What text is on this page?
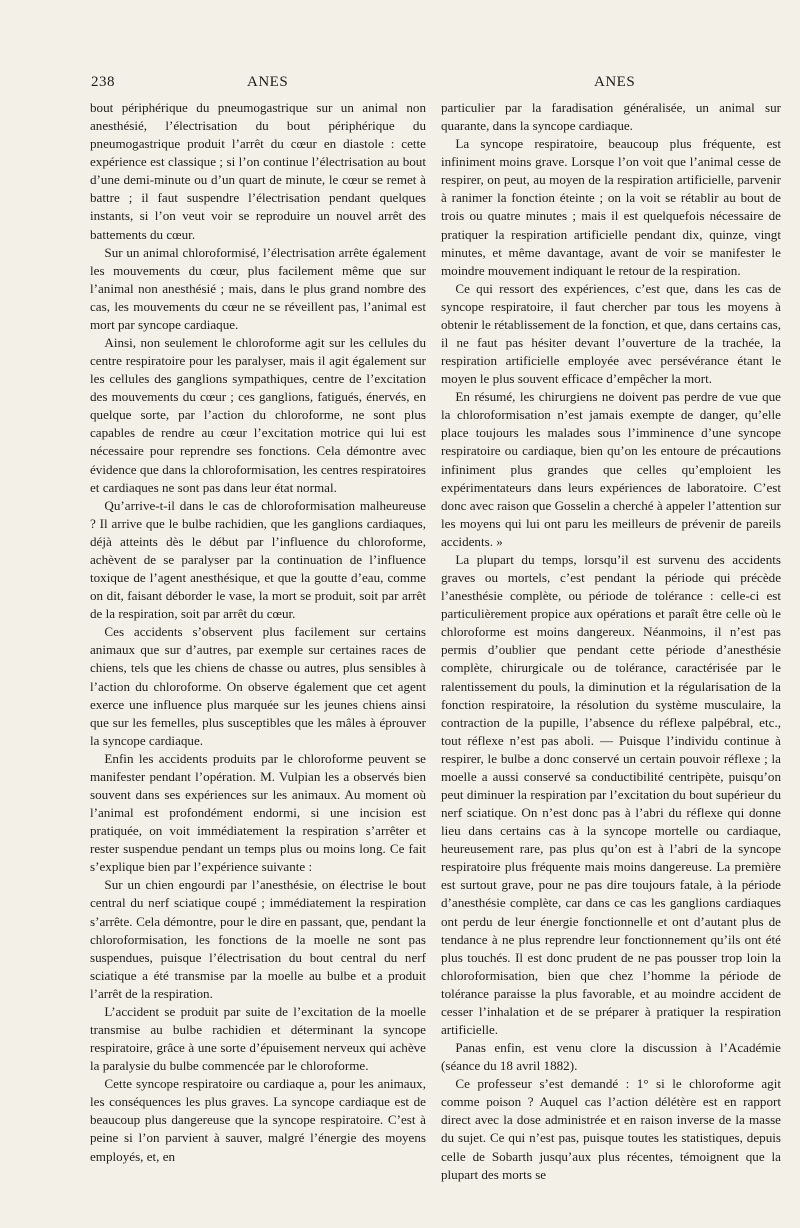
238	ANES	ANES

bout périphérique du pneumogastrique sur un animal non anesthésié, l’électrisation du bout périphérique du pneumogastrique produit l’arrêt du cœur en diastole : cette expérience est classique ; si l’on continue l’électrisation au bout d’une demi-minute ou d’un quart de minute, le cœur se remet à battre ; il faut suspendre l’électrisation pendant quelques instants, si l’on veut voir se reproduire un nouvel arrêt des battements du cœur.

Sur un animal chloroformisé, l’électrisation arrête également les mouvements du cœur, plus facilement même que sur l’animal non anesthésié ; mais, dans le plus grand nombre des cas, les mouvements du cœur ne se réveillent pas, l’animal est mort par syncope cardiaque.

Ainsi, non seulement le chloroforme agit sur les cellules du centre respiratoire pour les paralyser, mais il agit également sur les cellules des ganglions sympathiques, centre de l’excitation des mouvements du cœur ; ces ganglions, fatigués, énervés, en quelque sorte, par l’action du chloroforme, ne sont plus capables de rendre au cœur l’excitation motrice qui lui est nécessaire pour reprendre ses fonctions. Cela démontre avec évidence que dans la chloroformisation, les centres respiratoires et cardiaques ne sont pas dans leur état normal.

Qu’arrive-t-il dans le cas de chloroformisation malheureuse ? Il arrive que le bulbe rachidien, que les ganglions cardiaques, déjà atteints dès le début par l’influence du chloroforme, achèvent de se paralyser par la continuation de l’influence toxique de l’agent anesthésique, et que la goutte d’eau, comme on dit, faisant déborder le vase, la mort se produit, soit par arrêt de la respiration, soit par arrêt du cœur.

Ces accidents s’observent plus facilement sur certains animaux que sur d’autres, par exemple sur certaines races de chiens, tels que les chiens de chasse ou autres, plus sensibles à l’action du chloroforme. On observe également que cet agent exerce une influence plus marquée sur les jeunes chiens ainsi que sur les femelles, plus susceptibles que les mâles à éprouver la syncope cardiaque.

Enfin les accidents produits par le chloroforme peuvent se manifester pendant l’opération. M. Vulpian les a observés bien souvent dans ses expériences sur les animaux. Au moment où l’animal est profondément endormi, si une incision est pratiquée, on voit immédiatement la respiration s’arrêter et rester suspendue pendant un temps plus ou moins long. Ce fait s’explique bien par l’expérience suivante :

Sur un chien engourdi par l’anesthésie, on électrise le bout central du nerf sciatique coupé ; immédiatement la respiration s’arrête. Cela démontre, pour le dire en passant, que, pendant la chloroformisation, les fonctions de la moelle ne sont pas suspendues, puisque l’électrisation du bout central du nerf sciatique a été transmise par la moelle au bulbe et a produit l’arrêt de la respiration.

L’accident se produit par suite de l’excitation de la moelle transmise au bulbe rachidien et déterminant la syncope respiratoire, grâce à une sorte d’épuisement nerveux qui achève la paralysie du bulbe commencée par le chloroforme.

Cette syncope respiratoire ou cardiaque a, pour les animaux, les conséquences les plus graves. La syncope cardiaque est de beaucoup plus dangereuse que la syncope respiratoire. C’est à peine si l’on parvient à sauver, malgré l’énergie des moyens employés, et, en

particulier par la faradisation généralisée, un animal sur quarante, dans la syncope cardiaque.

La syncope respiratoire, beaucoup plus fréquente, est infiniment moins grave. Lorsque l’on voit que l’animal cesse de respirer, on peut, au moyen de la respiration artificielle, parvenir à ranimer la fonction éteinte ; on la voit se rétablir au bout de trois ou quatre minutes ; mais il est quelquefois nécessaire de pratiquer la respiration artificielle pendant dix, quinze, vingt minutes, et même davantage, avant de voir se manifester le moindre mouvement indiquant le retour de la respiration.

Ce qui ressort des expériences, c’est que, dans les cas de syncope respiratoire, il faut chercher par tous les moyens à obtenir le rétablissement de la fonction, et que, dans certains cas, il ne faut pas hésiter devant l’ouverture de la trachée, la respiration artificielle employée avec persévérance étant le moyen le plus souvent efficace d’empêcher la mort.

En résumé, les chirurgiens ne doivent pas perdre de vue que la chloroformisation n’est jamais exempte de danger, qu’elle place toujours les malades sous l’imminence d’une syncope respiratoire ou cardiaque, bien qu’on les entoure de précautions infiniment plus grandes que celles qu’emploient les expérimentateurs dans leurs expériences de laboratoire. C’est donc avec raison que Gosselin a cherché à appeler l’attention sur les moyens qui lui ont paru les meilleurs de prévenir de pareils accidents. »

La plupart du temps, lorsqu’il est survenu des accidents graves ou mortels, c’est pendant la période qui précède l’anesthésie complète, ou période de tolérance : celle-ci est particulièrement propice aux opérations et paraît être celle où le chloroforme est moins dangereux. Néanmoins, il n’est pas permis d’oublier que pendant cette période d’anesthésie complète, chirurgicale ou de tolérance, caractérisée par le ralentissement du pouls, la diminution et la régularisation de la fonction respiratoire, la résolution du système musculaire, la contraction de la pupille, l’absence du réflexe palpébral, etc., tout réflexe n’est pas aboli. — Puisque l’individu continue à respirer, le bulbe a donc conservé un certain pouvoir réflexe ; la moelle a aussi conservé sa conductibilité centripète, puisqu’on peut diminuer la respiration par l’excitation du bout supérieur du nerf sciatique. On n’est donc pas à l’abri du réflexe qui donne lieu dans certains cas à la syncope mortelle ou cardiaque, heureusement rare, pas plus qu’on est à l’abri de la syncope respiratoire plus fréquente mais moins dangereuse. La première est surtout grave, pour ne pas dire toujours fatale, à la période d’anesthésie complète, car dans ce cas les ganglions cardiaques ont perdu de leur énergie fonctionnelle et ont d’autant plus de tendance à ne plus reprendre leur fonctionnement qu’ils ont été plus touchés. Il est donc prudent de ne pas pousser trop loin la chloroformisation, bien que chez l’homme la période de tolérance paraisse la plus favorable, et au moindre accident de cesser l’inhalation et de se préparer à pratiquer la respiration artificielle.

Panas enfin, est venu clore la discussion à l’Académie (séance du 18 avril 1882).

Ce professeur s’est demandé : 1° si le chloroforme agit comme poison ? Auquel cas l’action délétère est en rapport direct avec la dose administrée et en raison inverse de la masse du sujet. Ce qui n’est pas, puisque toutes les statistiques, depuis celle de Sobarth jusqu’aux plus récentes, témoignent que la plupart des morts se
